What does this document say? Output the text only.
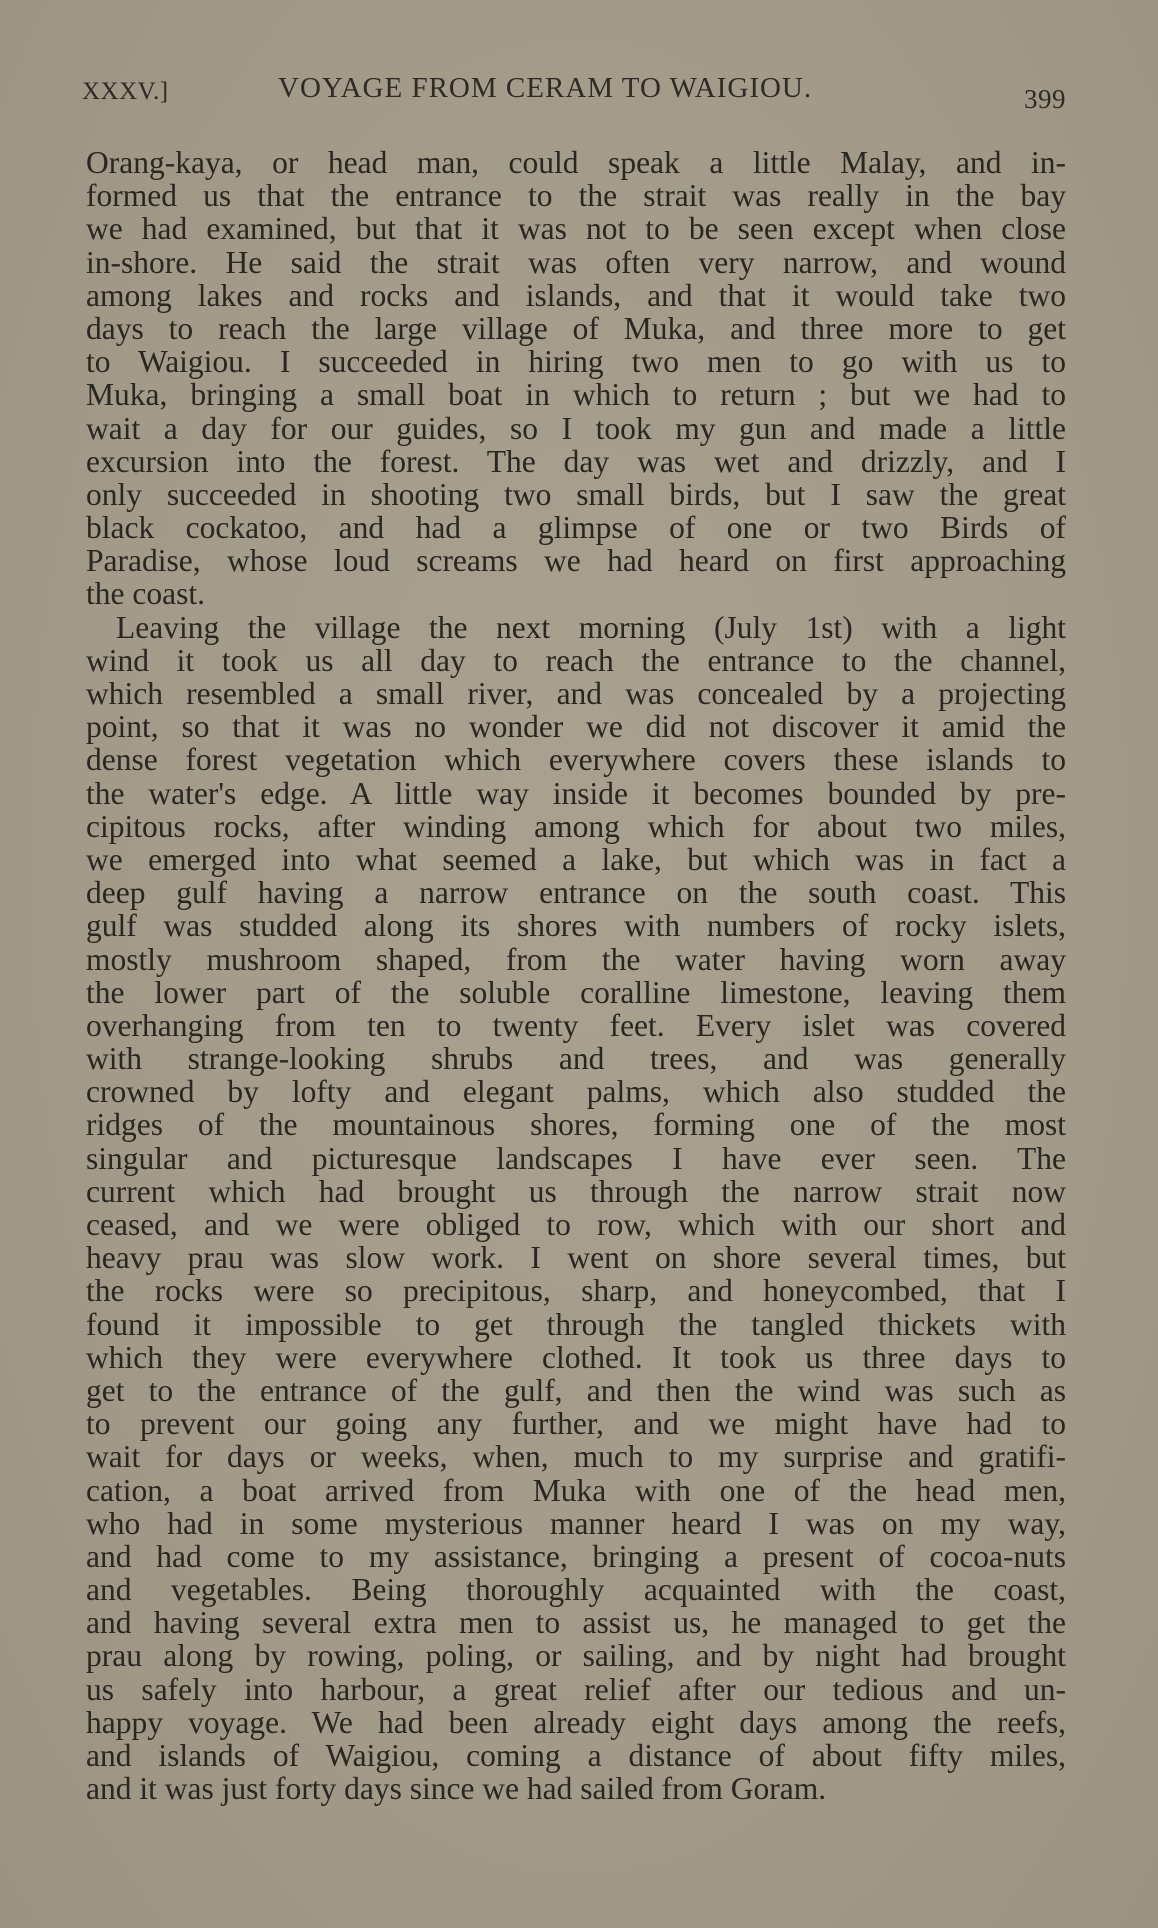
XXXV.]	VOYAGE FROM CERAM TO WAIGIOU.	399
Orang-kaya, or head man, could speak a little Malay, and in-
formed us that the entrance to the strait was really in the bay
we had examined, but that it was not to be seen except when close
in-shore. He said the strait was often very narrow, and wound
among lakes and rocks and islands, and that it would take two
days to reach the large village of Muka, and three more to get
to Waigiou. I succeeded in hiring two men to go with us to
Muka, bringing a small boat in which to return ; but we had to
wait a day for our guides, so I took my gun and made a little
excursion into the forest. The day was wet and drizzly, and I
only succeeded in shooting two small birds, but I saw the great
black cockatoo, and had a glimpse of one or two Birds of
Paradise, whose loud screams we had heard on first approaching
the coast.
Leaving the village the next morning (July 1st) with a light
wind it took us all day to reach the entrance to the channel,
which resembled a small river, and was concealed by a projecting
point, so that it was no wonder we did not discover it amid the
dense forest vegetation which everywhere covers these islands to
the water's edge. A little way inside it becomes bounded by pre-
cipitous rocks, after winding among which for about two miles,
we emerged into what seemed a lake, but which was in fact a
deep gulf having a narrow entrance on the south coast. This
gulf was studded along its shores with numbers of rocky islets,
mostly mushroom shaped, from the water having worn away
the lower part of the soluble coralline limestone, leaving them
overhanging from ten to twenty feet. Every islet was covered
with strange-looking shrubs and trees, and was generally
crowned by lofty and elegant palms, which also studded the
ridges of the mountainous shores, forming one of the most
singular and picturesque landscapes I have ever seen. The
current which had brought us through the narrow strait now
ceased, and we were obliged to row, which with our short and
heavy prau was slow work. I went on shore several times, but
the rocks were so precipitous, sharp, and honeycombed, that I
found it impossible to get through the tangled thickets with
which they were everywhere clothed. It took us three days to
get to the entrance of the gulf, and then the wind was such as
to prevent our going any further, and we might have had to
wait for days or weeks, when, much to my surprise and gratifi-
cation, a boat arrived from Muka with one of the head men,
who had in some mysterious manner heard I was on my way,
and had come to my assistance, bringing a present of cocoa-nuts
and vegetables. Being thoroughly acquainted with the coast,
and having several extra men to assist us, he managed to get the
prau along by rowing, poling, or sailing, and by night had brought
us safely into harbour, a great relief after our tedious and un-
happy voyage. We had been already eight days among the reefs,
and islands of Waigiou, coming a distance of about fifty miles,
and it was just forty days since we had sailed from Goram.
